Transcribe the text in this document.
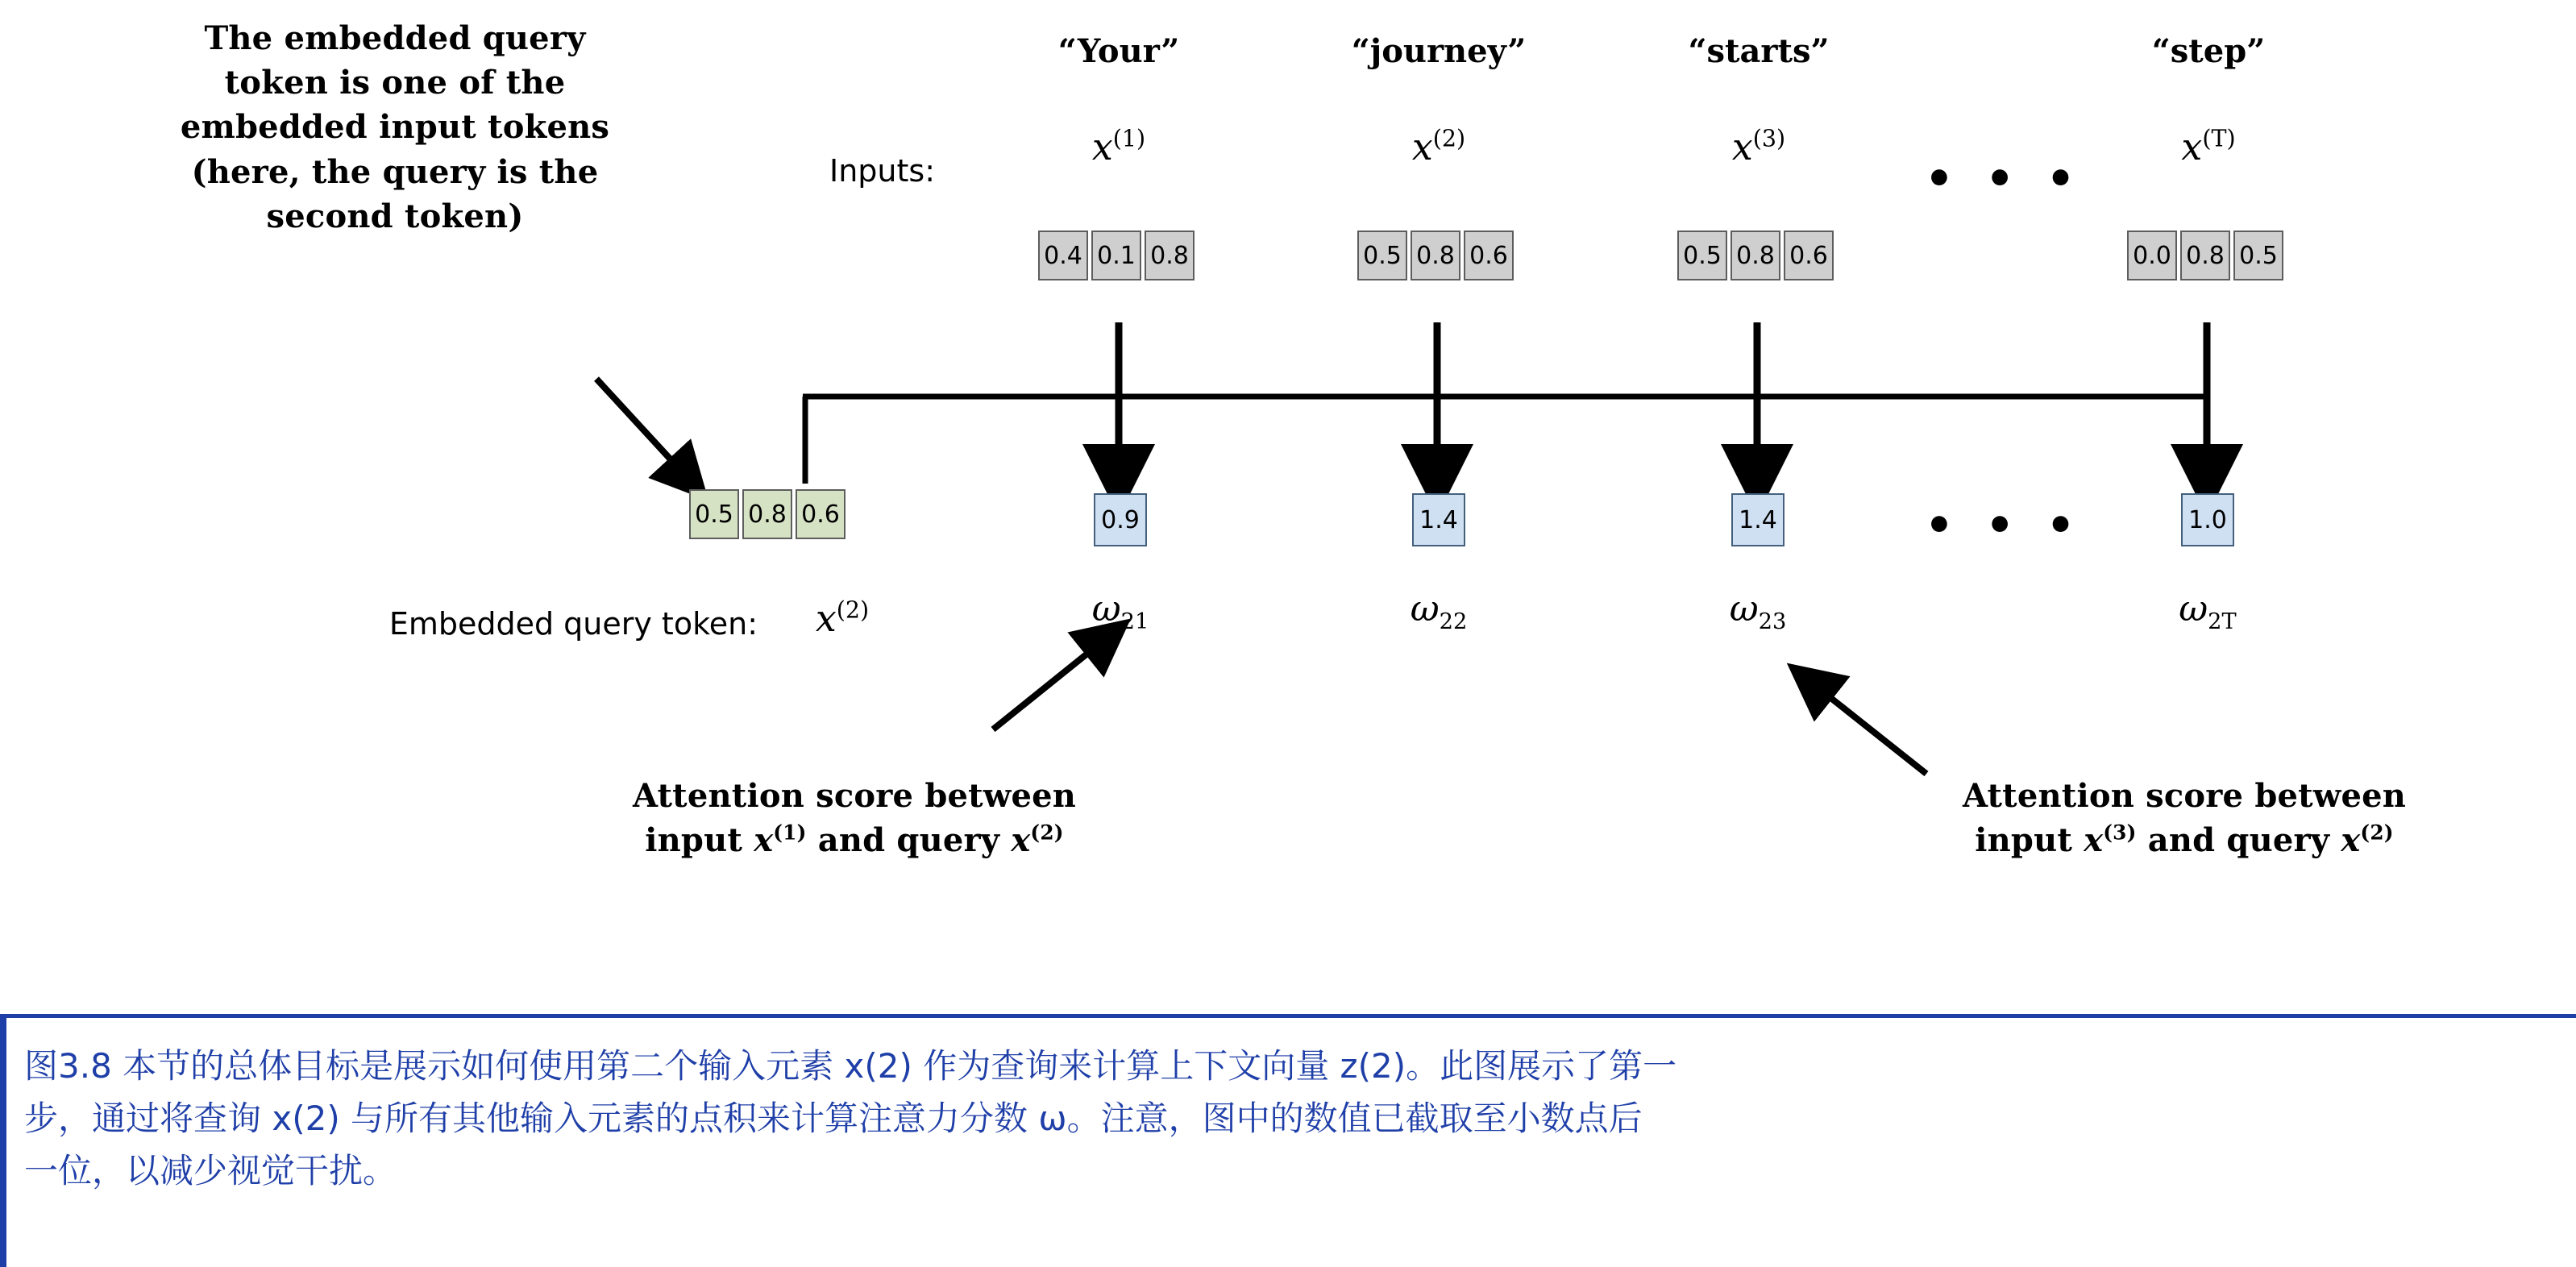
The embedded query
token is one of the
embedded input tokens
(here, the query is the
second token)
Inputs:
“Your”
$x^{(1)}$
0.4 0.1 0.8
“journey”
$x^{(2)}$
0.5 0.8 0.6
“starts”
$x^{(3)}$
0.5 0.8 0.6
• • •
“step”
$x^{(T)}$
0.0 0.8 0.5
0.5 0.8 0.6
Embedded query token:	$x^{(2)}$
0.9
$\omega_{21}$
1.4
$\omega_{22}$
1.4
$\omega_{23}$
• • •	1.0
$\omega_{2T}$
Attention score between
input $x^{(1)}$ and query $x^{(2)}$
Attention score between
input $x^{(3)}$ and query $x^{(2)}$
图3.8 本节的总体目标是展示如何使用第二个输入元素 x(2) 作为查询来计算上下文向量 z(2)。此图展示了第一
步，通过将查询 x(2) 与所有其他输入元素的点积来计算注意力分数 ω。注意，图中的数值已截取至小数点后
一位，以减少视觉干扰。
